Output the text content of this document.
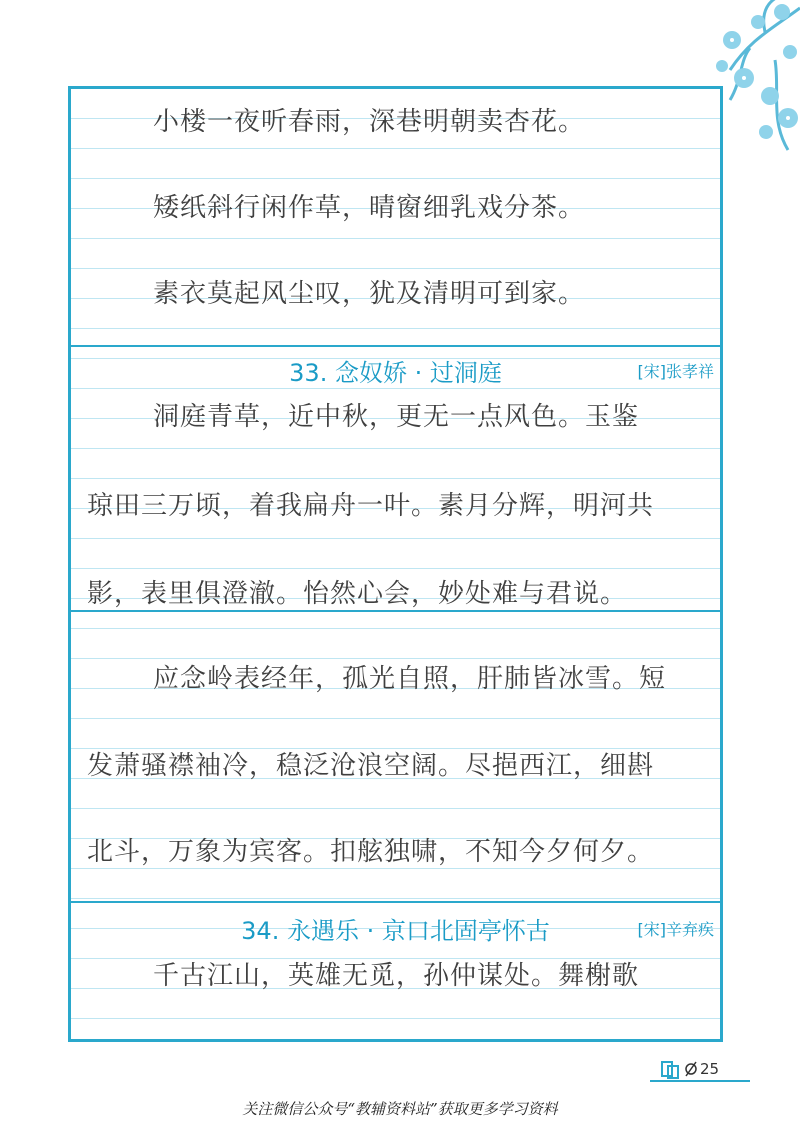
小楼一夜听春雨，深巷明朝卖杏花。
矮纸斜行闲作草，晴窗细乳戏分茶。
素衣莫起风尘叹，犹及清明可到家。
33. 念奴娇 · 过洞庭	[宋]张孝祥
洞庭青草，近中秋，更无一点风色。玉鉴
琼田三万顷，着我扁舟一叶。素月分辉，明河共
影，表里俱澄澈。怡然心会，妙处难与君说。
应念岭表经年，孤光自照，肝肺皆冰雪。短
发萧骚襟袖冷，稳泛沧浪空阔。尽挹西江，细斟
北斗，万象为宾客。扣舷独啸，不知今夕何夕。
34. 永遇乐 · 京口北固亭怀古	[宋]辛弃疾
千古江山，英雄无觅，孙仲谋处。舞榭歌
25
关注微信公众号“教辅资料站”获取更多学习资料
